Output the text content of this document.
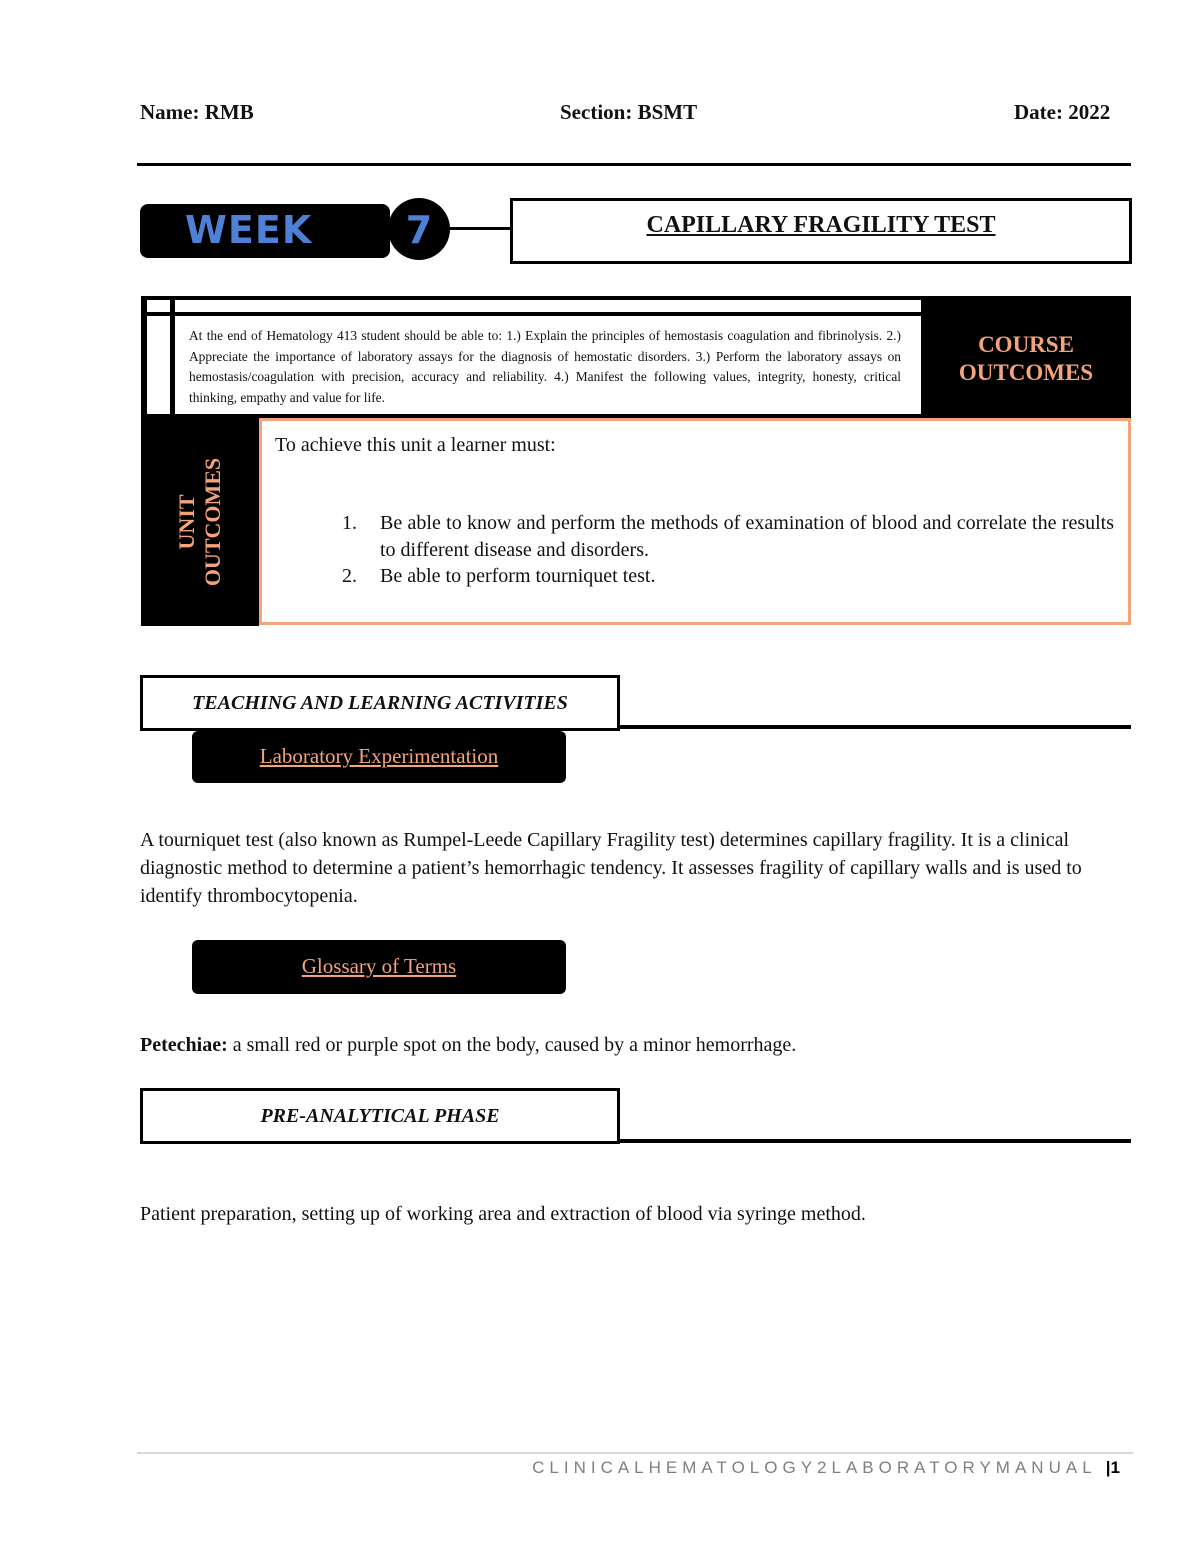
Name: RMB	Section: BSMT	Date: 2022
WEEK	7	CAPILLARY FRAGILITY TEST
At the end of Hematology 413 student should be able to: 1.) Explain the principles of hemostasis coagulation and fibrinolysis. 2.) Appreciate the importance of laboratory assays for the diagnosis of hemostatic disorders. 3.) Perform the laboratory assays on hemostasis/coagulation with precision, accuracy and reliability. 4.) Manifest the following values, integrity, honesty, critical thinking, empathy and value for life.
COURSE
OUTCOMES
UNIT OUTCOMES
To achieve this unit a learner must:
1.	Be able to know and perform the methods of examination of blood and correlate the results to different disease and disorders.
2.	Be able to perform tourniquet test.
TEACHING AND LEARNING ACTIVITIES
Laboratory Experimentation
A tourniquet test (also known as Rumpel-Leede Capillary Fragility test) determines capillary fragility. It is a clinical diagnostic method to determine a patient’s hemorrhagic tendency. It assesses fragility of capillary walls and is used to identify thrombocytopenia.
Glossary of Terms
Petechiae: a small red or purple spot on the body, caused by a minor hemorrhage.
PRE-ANALYTICAL PHASE
Patient preparation, setting up of working area and extraction of blood via syringe method.
CLINICALHEMATOLOGY2LABORATORYMANUAL |1
